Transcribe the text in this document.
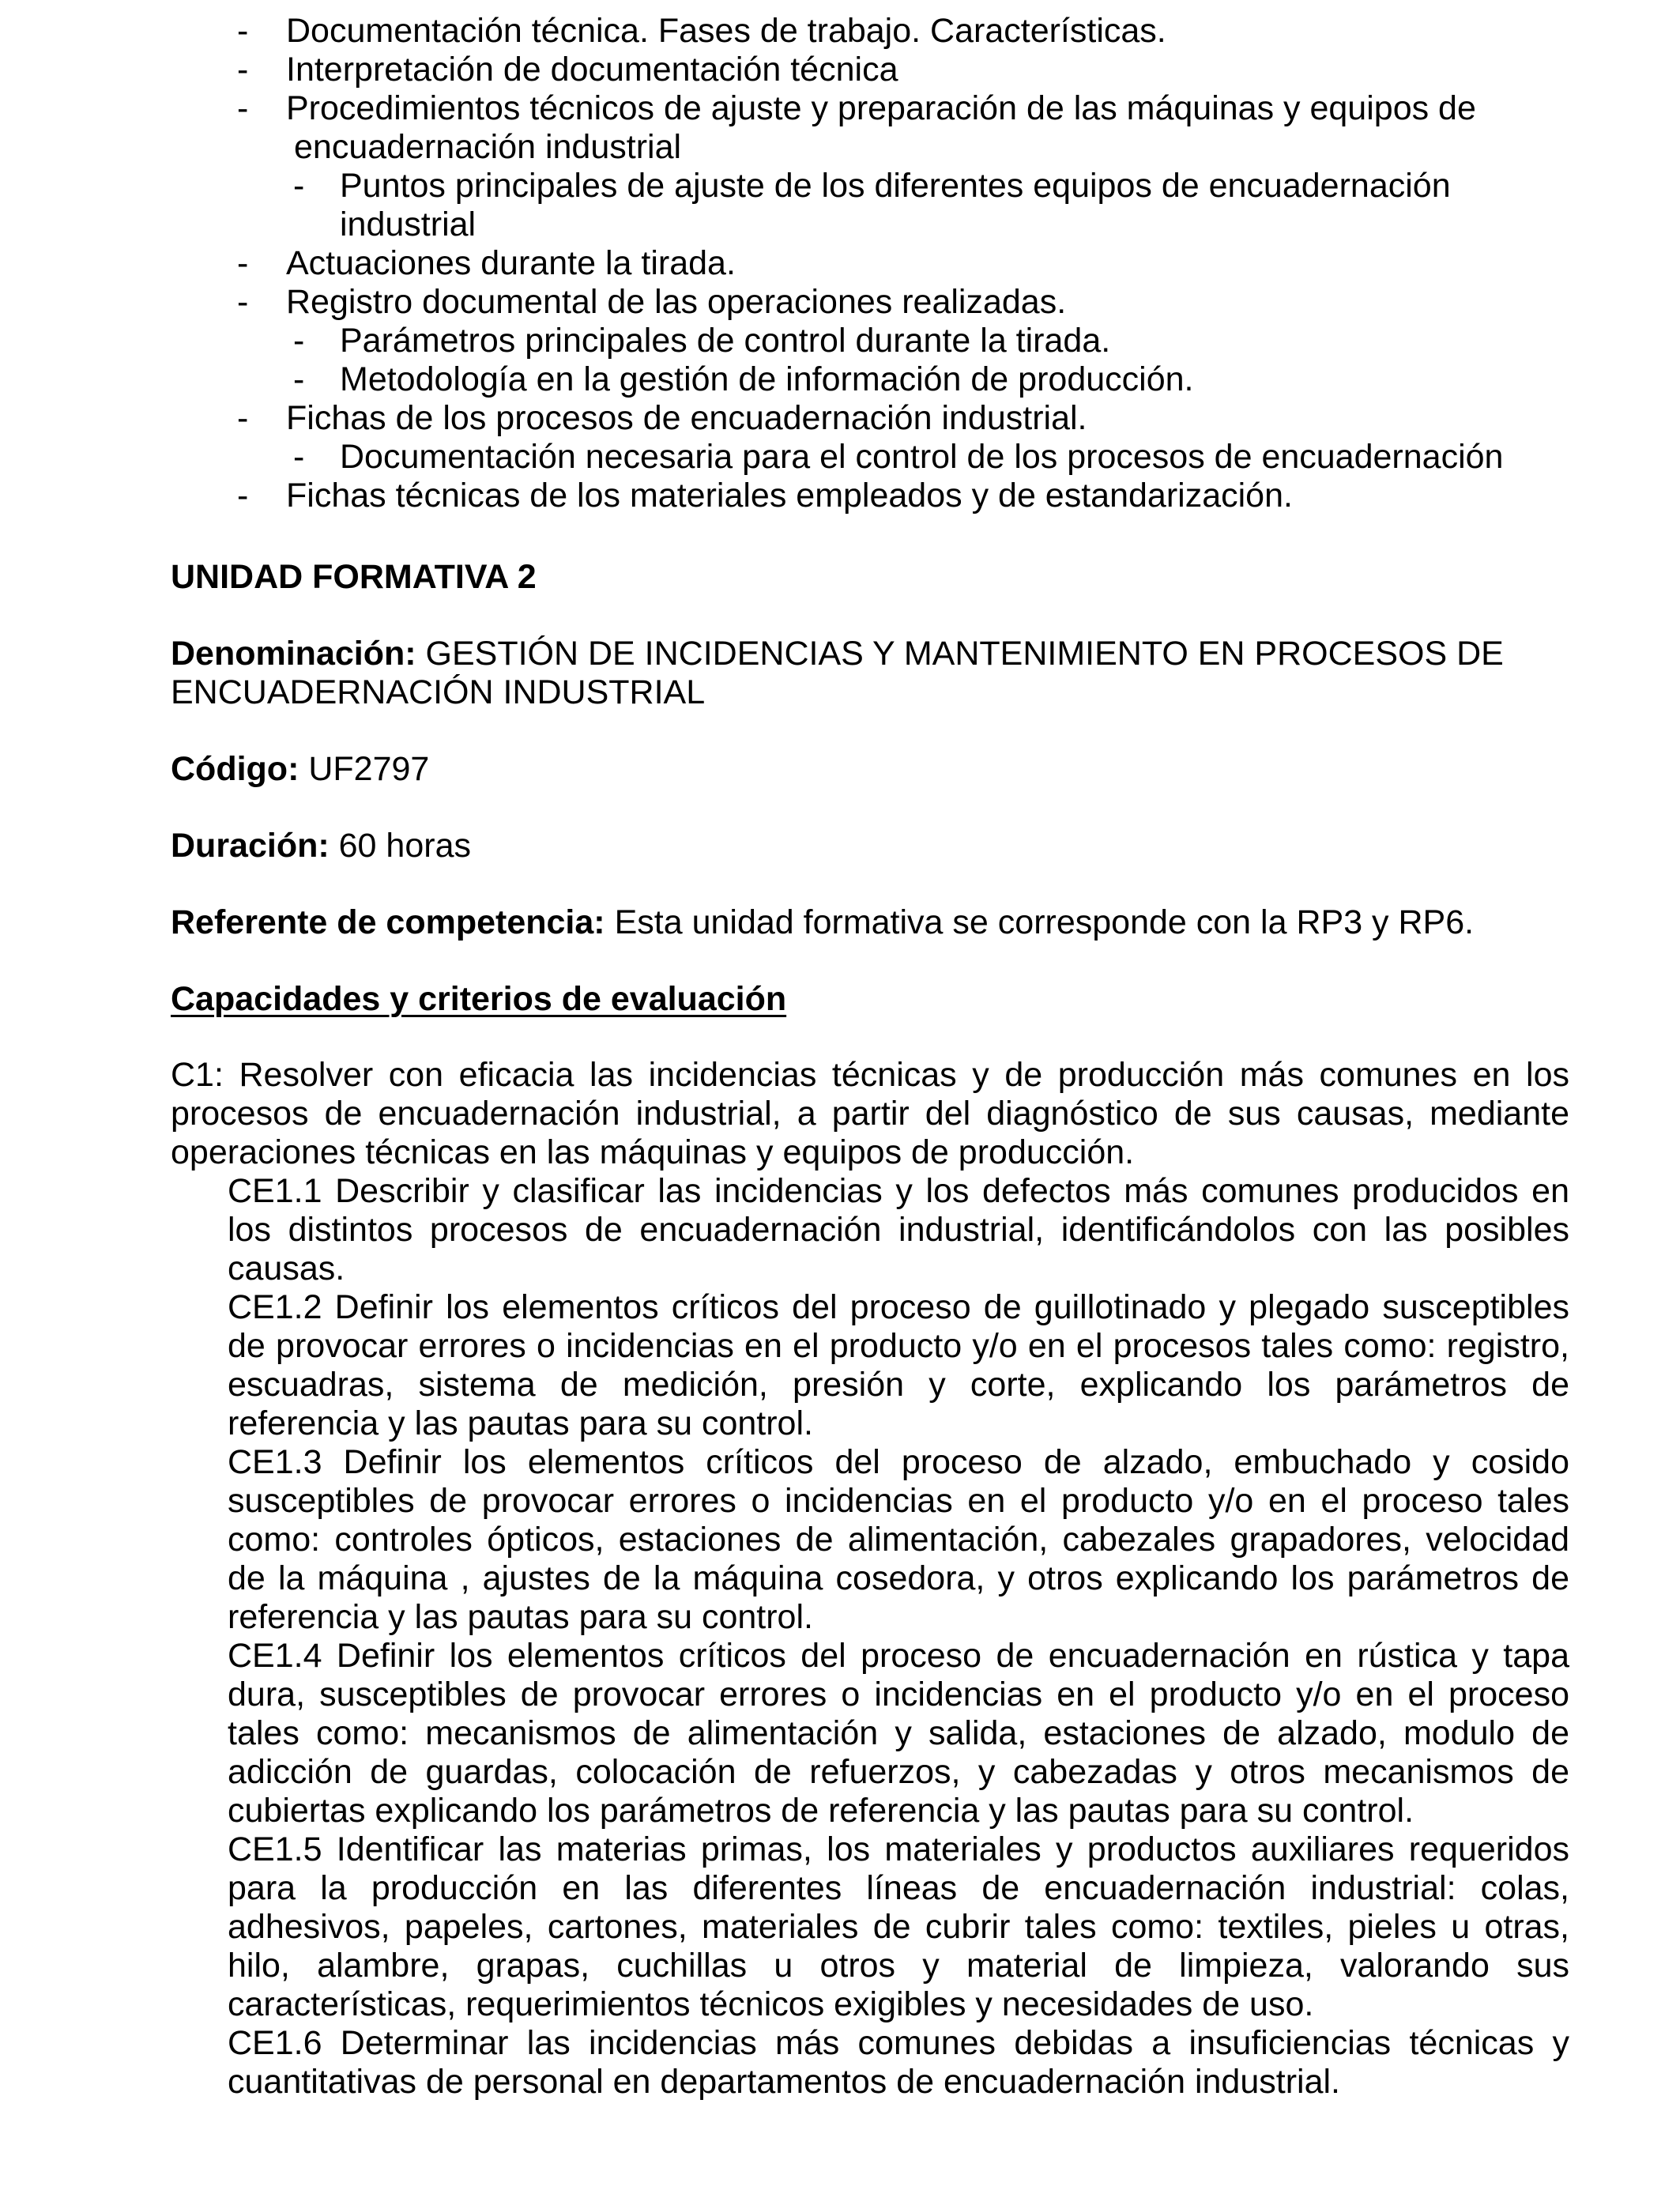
- Documentación técnica. Fases de trabajo. Características.
- Interpretación de documentación técnica
- Procedimientos técnicos de ajuste y preparación de las máquinas y equipos de
encuadernación industrial
- Puntos principales de ajuste de los diferentes equipos de encuadernación
industrial
- Actuaciones durante la tirada.
- Registro documental de las operaciones realizadas.
- Parámetros principales de control durante la tirada.
- Metodología en la gestión de información de producción.
- Fichas de los procesos de encuadernación industrial.
- Documentación necesaria para el control de los procesos de encuadernación
- Fichas técnicas de los materiales empleados y de estandarización.
UNIDAD FORMATIVA 2
Denominación: GESTIÓN DE INCIDENCIAS Y MANTENIMIENTO EN PROCESOS DE ENCUADERNACIÓN INDUSTRIAL
Código: UF2797
Duración: 60 horas
Referente de competencia: Esta unidad formativa se corresponde con la RP3 y RP6.
Capacidades y criterios de evaluación
C1: Resolver con eficacia las incidencias técnicas y de producción más comunes en los procesos de encuadernación industrial, a partir del diagnóstico de sus causas, mediante operaciones técnicas en las máquinas y equipos de producción.

CE1.1 Describir y clasificar las incidencias y los defectos más comunes producidos en los distintos procesos de encuadernación industrial, identificándolos con las posibles causas.

CE1.2 Definir los elementos críticos del proceso de guillotinado y plegado susceptibles de provocar errores o incidencias en el producto y/o en el procesos tales como: registro, escuadras, sistema de medición, presión y corte, explicando los parámetros de referencia y las pautas para su control.

CE1.3 Definir los elementos críticos del proceso de alzado, embuchado y cosido susceptibles de provocar errores o incidencias en el producto y/o en el proceso tales como: controles ópticos, estaciones de alimentación, cabezales grapadores, velocidad de la máquina , ajustes de la máquina cosedora, y otros explicando los parámetros de referencia y las pautas para su control.

CE1.4 Definir los elementos críticos del proceso de encuadernación en rústica y tapa dura, susceptibles de provocar errores o incidencias en el producto y/o en el proceso tales como: mecanismos de alimentación y salida, estaciones de alzado, modulo de adicción de guardas, colocación de refuerzos, y cabezadas y otros mecanismos de cubiertas explicando los parámetros de referencia y las pautas para su control.

CE1.5 Identificar las materias primas, los materiales y productos auxiliares requeridos para la producción en las diferentes líneas de encuadernación industrial: colas, adhesivos, papeles, cartones, materiales de cubrir tales como: textiles, pieles u otras, hilo, alambre, grapas, cuchillas u otros y material de limpieza, valorando sus características, requerimientos técnicos exigibles y necesidades de uso.

CE1.6 Determinar las incidencias más comunes debidas a insuficiencias técnicas y cuantitativas de personal en departamentos de encuadernación industrial.
